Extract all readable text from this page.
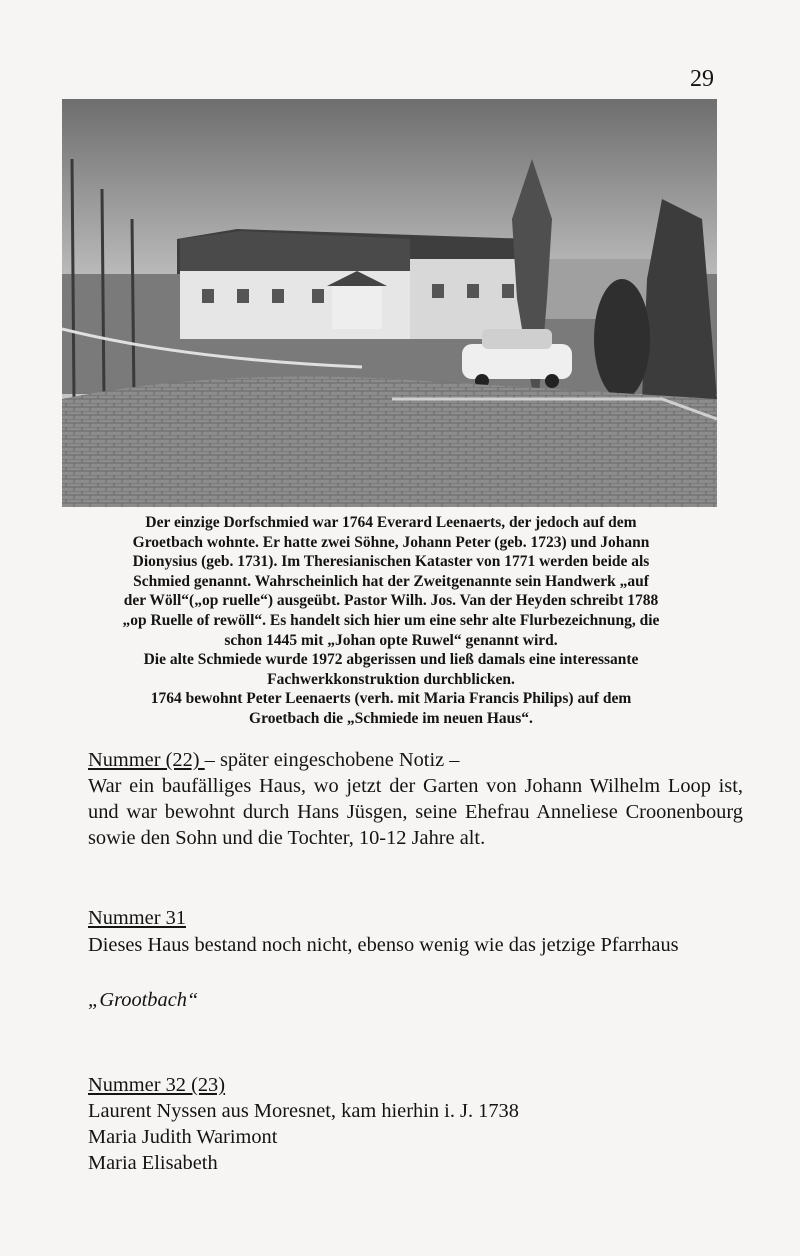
29

Der einzige Dorfschmied war 1764 Everard Leenaerts, der jedoch auf dem

Groetbach wohnte. Er hatte zwei Söhne, Johann Peter (geb. 1723) und Johann

Dionysius (geb. 1731). Im Theresianischen Kataster von 1771 werden beide als

Schmied genannt. Wahrscheinlich hat der Zweitgenannte sein Handwerk „auf

der Wöll“(„op ruelle“) ausgeübt. Pastor Wilh. Jos. Van der Heyden schreibt 1788

„op Ruelle of rewöll“. Es handelt sich hier um eine sehr alte Flurbezeichnung, die

schon 1445 mit „Johan opte Ruwel“ genannt wird.

Die alte Schmiede wurde 1972 abgerissen und ließ damals eine interessante

Fachwerkkonstruktion durchblicken.

1764 bewohnt Peter Leenaerts (verh. mit Maria Francis Philips) auf dem

Groetbach die „Schmiede im neuen Haus“.

Nummer (22) – später eingeschobene Notiz –
War ein baufälliges Haus, wo jetzt der Garten von Johann Wilhelm Loop ist, und war bewohnt durch Hans Jüsgen, seine Ehefrau Anneliese Croonenbourg sowie den Sohn und die Tochter, 10-12 Jahre alt.
Nummer 31
Dieses Haus bestand noch nicht, ebenso wenig wie das jetzige Pfarrhaus
„Grootbach“
Nummer 32 (23)
Laurent Nyssen aus Moresnet, kam hierhin i. J. 1738
Maria Judith Warimont
Maria Elisabeth
